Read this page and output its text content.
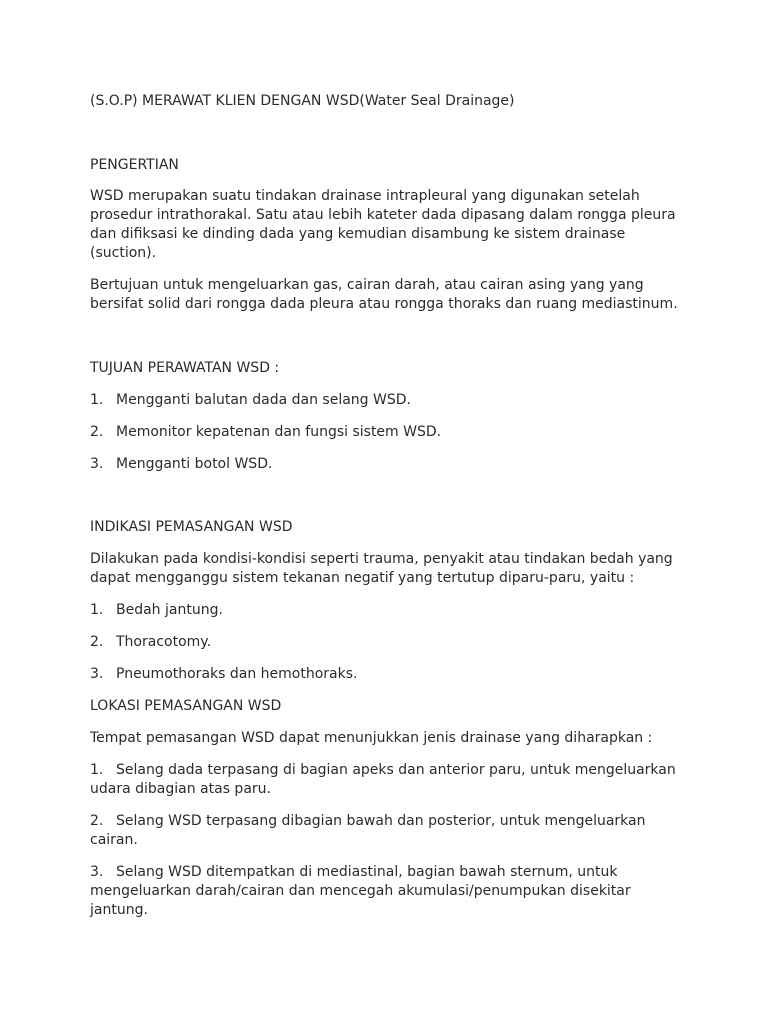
(S.O.P) MERAWAT KLIEN DENGAN WSD(Water Seal Drainage)
PENGERTIAN
WSD merupakan suatu tindakan drainase intrapleural yang digunakan setelah
prosedur intrathorakal. Satu atau lebih kateter dada dipasang dalam rongga pleura
dan difiksasi ke dinding dada yang kemudian disambung ke sistem drainase
(suction).
Bertujuan untuk mengeluarkan gas, cairan darah, atau cairan asing yang yang
bersifat solid dari rongga dada pleura atau rongga thoraks dan ruang mediastinum.
TUJUAN PERAWATAN WSD :
1. Mengganti balutan dada dan selang WSD.
2. Memonitor kepatenan dan fungsi sistem WSD.
3. Mengganti botol WSD.
INDIKASI PEMASANGAN WSD
Dilakukan pada kondisi-kondisi seperti trauma, penyakit atau tindakan bedah yang
dapat mengganggu sistem tekanan negatif yang tertutup diparu-paru, yaitu :
1. Bedah jantung.
2. Thoracotomy.
3. Pneumothoraks dan hemothoraks.
LOKASI PEMASANGAN WSD
Tempat pemasangan WSD dapat menunjukkan jenis drainase yang diharapkan :
1. Selang dada terpasang di bagian apeks dan anterior paru, untuk mengeluarkan
udara dibagian atas paru.
2. Selang WSD terpasang dibagian bawah dan posterior, untuk mengeluarkan
cairan.
3. Selang WSD ditempatkan di mediastinal, bagian bawah sternum, untuk
mengeluarkan darah/cairan dan mencegah akumulasi/penumpukan disekitar
jantung.
